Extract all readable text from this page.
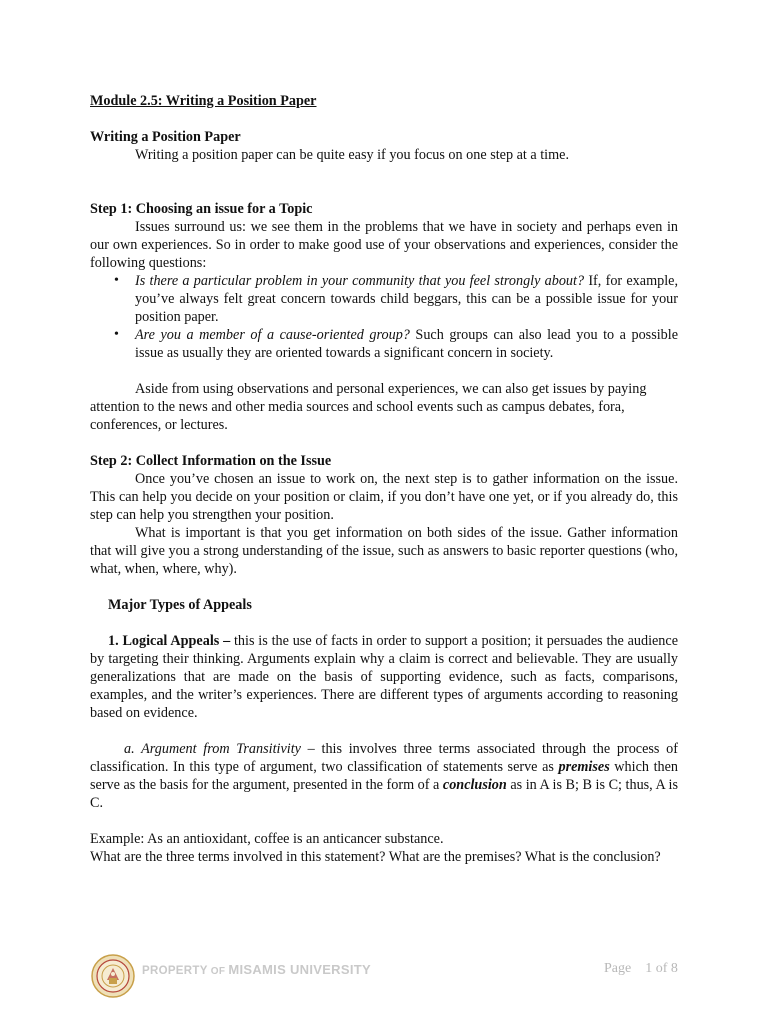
Module 2.5: Writing a Position Paper
Writing a Position Paper

Writing a position paper can be quite easy if you focus on one step at a time.

Step 1: Choosing an issue for a Topic

Issues surround us: we see them in the problems that we have in society and perhaps even in our own experiences. So in order to make good use of your observations and experiences, consider the following questions:

• Is there a particular problem in your community that you feel strongly about? If, for example, you’ve always felt great concern towards child beggars, this can be a possible issue for your position paper.
• Are you a member of a cause-oriented group? Such groups can also lead you to a possible issue as usually they are oriented towards a significant concern in society.

Aside from using observations and personal experiences, we can also get issues by paying attention to the news and other media sources and school events such as campus debates, fora, conferences, or lectures.

Step 2: Collect Information on the Issue

Once you’ve chosen an issue to work on, the next step is to gather information on the issue. This can help you decide on your position or claim, if you don’t have one yet, or if you already do, this step can help you strengthen your position.

What is important is that you get information on both sides of the issue. Gather information that will give you a strong understanding of the issue, such as answers to basic reporter questions (who, what, when, where, why).

Major Types of Appeals

1. Logical Appeals – this is the use of facts in order to support a position; it persuades the audience by targeting their thinking. Arguments explain why a claim is correct and believable. They are usually generalizations that are made on the basis of supporting evidence, such as facts, comparisons, examples, and the writer’s experiences. There are different types of arguments according to reasoning based on evidence.

a. Argument from Transitivity – this involves three terms associated through the process of classification. In this type of argument, two classification of statements serve as premises which then serve as the basis for the argument, presented in the form of a conclusion as in A is B; B is C; thus, A is C.

Example: As an antioxidant, coffee is an anticancer substance.

What are the three terms involved in this statement? What are the premises? What is the conclusion?

PROPERTY OF MISAMIS UNIVERSITY	Page 1 of 8
